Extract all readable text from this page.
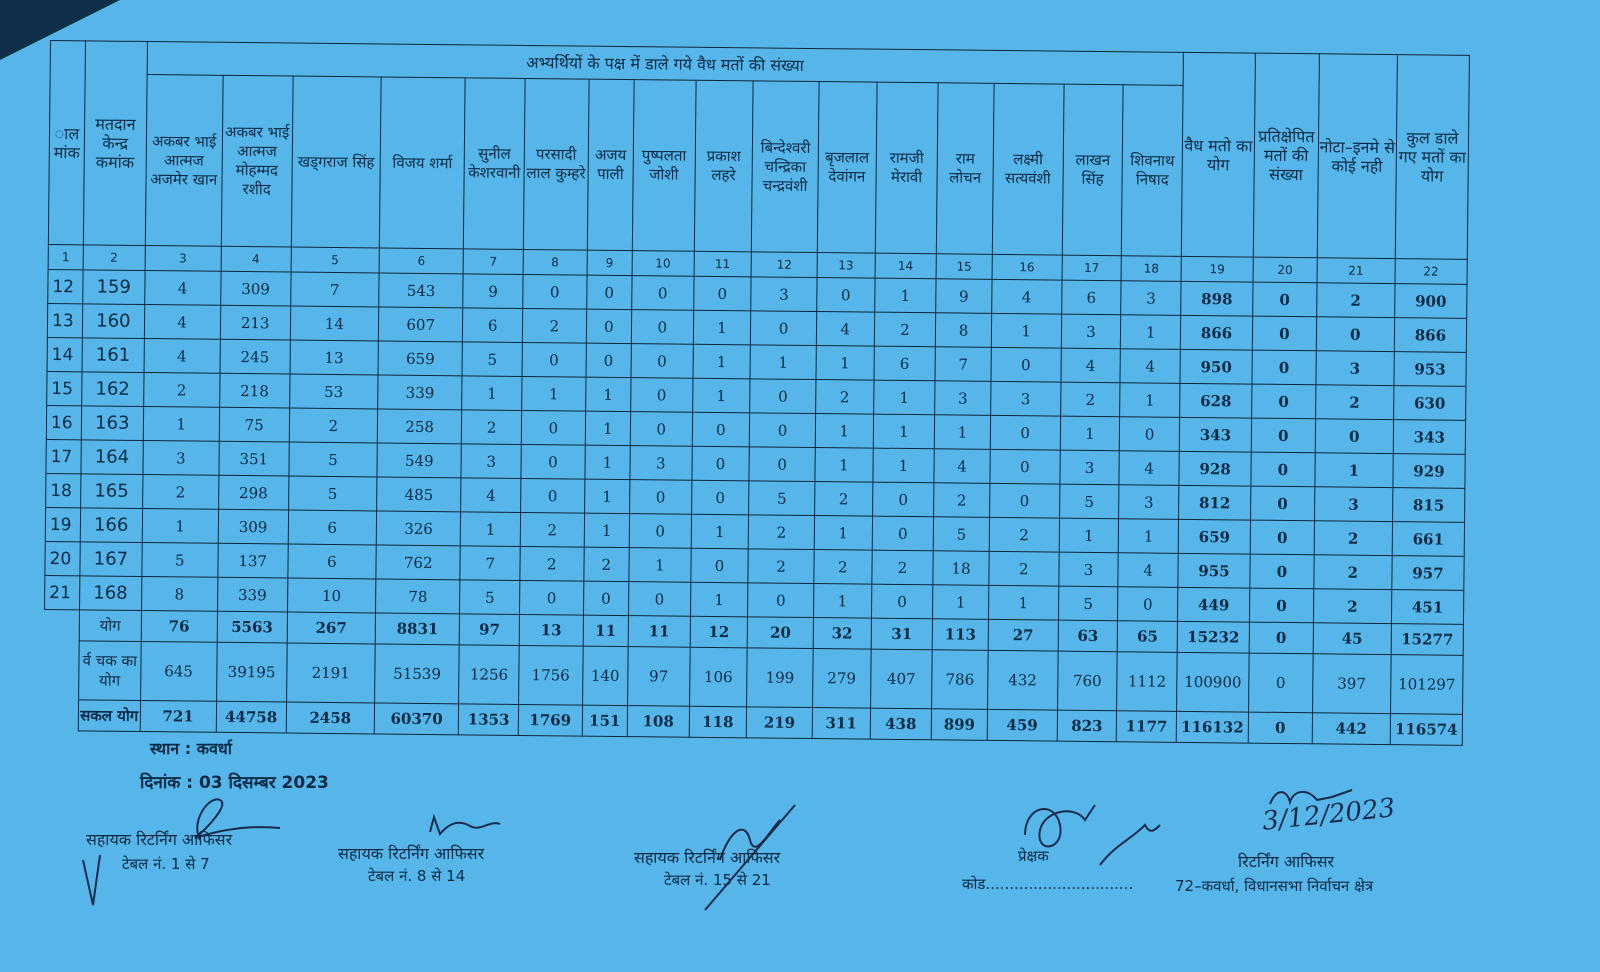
ाल मांक	मतदान केन्द्र कमांक	अभ्यर्थियों के पक्ष में डाले गये वैध मतों की संख्या																वैध मतो का योग	प्रतिक्षेपित मतों की संख्या	नोटा–इनमे से कोई नही	कुल डाले गए मतों का योग
		अकबर भाई आत्मज अजमेर खान	अकबर भाई आत्मज मोहम्मद रशीद	खड्गराज सिंह	विजय शर्मा	सुनील केशरवानी	परसादी लाल कुम्हरे	अजय पाली	पुष्पलता जोशी	प्रकाश लहरे	बिन्देश्वरी चन्द्रिका चन्द्रवंशी	बृजलाल देवांगन	रामजी मेरावी	राम लोचन	लक्ष्मी सत्यवंशी	लाखन सिंह	शिवनाथ निषाद				
1	2	3	4	5	6	7	8	9	10	11	12	13	14	15	16	17	18	19	20	21	22
12	159	4	309	7	543	9	0	0	0	0	3	0	1	9	4	6	3	898	0	2	900
13	160	4	213	14	607	6	2	0	0	1	0	4	2	8	1	3	1	866	0	0	866
14	161	4	245	13	659	5	0	0	0	1	1	1	6	7	0	4	4	950	0	3	953
15	162	2	218	53	339	1	1	1	0	1	0	2	1	3	3	2	1	628	0	2	630
16	163	1	75	2	258	2	0	1	0	0	0	1	1	1	0	1	0	343	0	0	343
17	164	3	351	5	549	3	0	1	3	0	0	1	1	4	0	3	4	928	0	1	929
18	165	2	298	5	485	4	0	1	0	0	5	2	0	2	0	5	3	812	0	3	815
19	166	1	309	6	326	1	2	1	0	1	2	1	0	5	2	1	1	659	0	2	661
20	167	5	137	6	762	7	2	2	1	0	2	2	2	18	2	3	4	955	0	2	957
21	168	8	339	10	78	5	0	0	0	1	0	1	0	1	1	5	0	449	0	2	451
	योग	76	5563	267	8831	97	13	11	11	12	20	32	31	113	27	63	65	15232	0	45	15277
	र्व चक का योग	645	39195	2191	51539	1256	1756	140	97	106	199	279	407	786	432	760	1112	100900	0	397	101297
	सकल योग	721	44758	2458	60370	1353	1769	151	108	118	219	311	438	899	459	823	1177	116132	0	442	116574
स्थान : कवर्धा
दिनांक : 03 दिसम्बर 2023
सहायक रिटर्निंग आफिसर
टेबल नं. 1 से 7
सहायक रिटर्निंग आफिसर
टेबल नं. 8 से 14
सहायक रिटर्निंग आफिसर
टेबल नं. 15 से 21
प्रेक्षक
कोड...............................
3/12/2023
रिटर्निंग आफिसर
72–कवर्धा, विधानसभा निर्वाचन क्षेत्र
